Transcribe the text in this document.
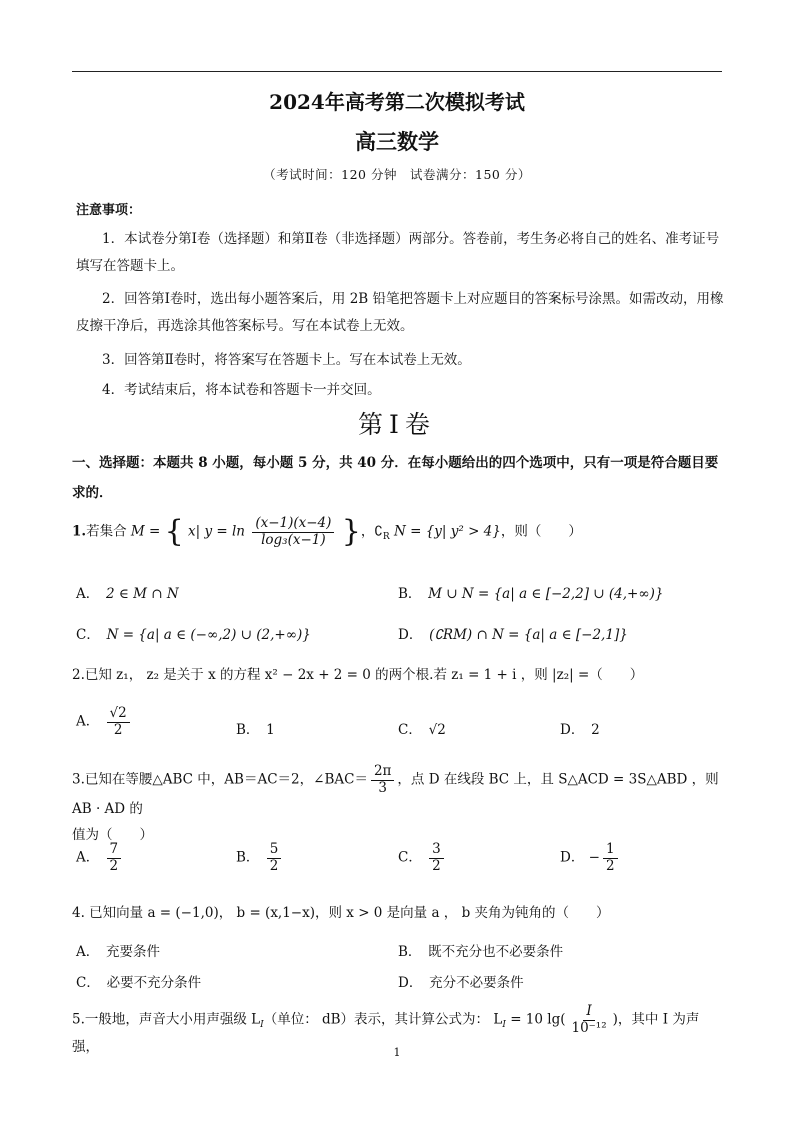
2024年高考第二次模拟考试
高三数学
（考试时间：120 分钟　试卷满分：150 分）
注意事项：
1．本试卷分第Ⅰ卷（选择题）和第Ⅱ卷（非选择题）两部分。答卷前，考生务必将自己的姓名、准考证号填写在答题卡上。
2．回答第Ⅰ卷时，选出每小题答案后，用 2B 铅笔把答题卡上对应题目的答案标号涂黑。如需改动，用橡皮擦干净后，再选涂其他答案标号。写在本试卷上无效。
3．回答第Ⅱ卷时，将答案写在答题卡上。写在本试卷上无效。
4．考试结束后，将本试卷和答题卡一并交回。
第Ⅰ卷
一、选择题：本题共 8 小题，每小题 5 分，共 40 分．在每小题给出的四个选项中，只有一项是符合题目要求的．
1.若集合 M = { x| $y = \ln \frac{(x-1)(x-4)}{\text{log₃(x−1)}}$ }，$∁_R$ N = {y| y² > 4}，则（　　）
A．　 2 ∈ M ∩ N	B．　 M ∪ N = {a| a ∈ [−2,2] ∪ (4,+∞)}
C．　 N = {a| a ∈ (−∞,2) ∪ (2,+∞)}	D．　 (∁RM) ∩ N = {a| a ∈ [−2,1]}
2.已知 z₁， z₂ 是关于 x 的方程 x² − 2x + 2 = 0 的两个根.若 z₁ = 1 + i ，则 |z₂| =（　　）
A． $\frac{√2}{2}$	B．　 1	C．　 √2	D．　 2
3.已知在等腰△ABC 中，AB＝AC＝2，∠BAC＝ $\frac{2\pi}{3}$ ，点 D 在线段 BC 上，且 S△ACD = 3S△ABD ，则 AB · AD 的
值为（　　）
A． $\frac{7}{2}$	B． $\frac{5}{2}$	C． $\frac{3}{2}$	D． − $\frac{1}{2}$
4. 已知向量 a = (−1,0)， b = (x,1−x)，则 x > 0 是向量 a ， b 夹角为钝角的（　　）
A．　 充要条件	B．　 既不充分也不必要条件
C．　 必要不充分条件	D．　 充分不必要条件
5.一般地，声音大小用声强级 $L_I$（单位： dB）表示，其计算公式为： $L_I = 10$ $\lg( \frac{I}{\text{10⁻¹²}}$ )，其中 I 为声强，	1
